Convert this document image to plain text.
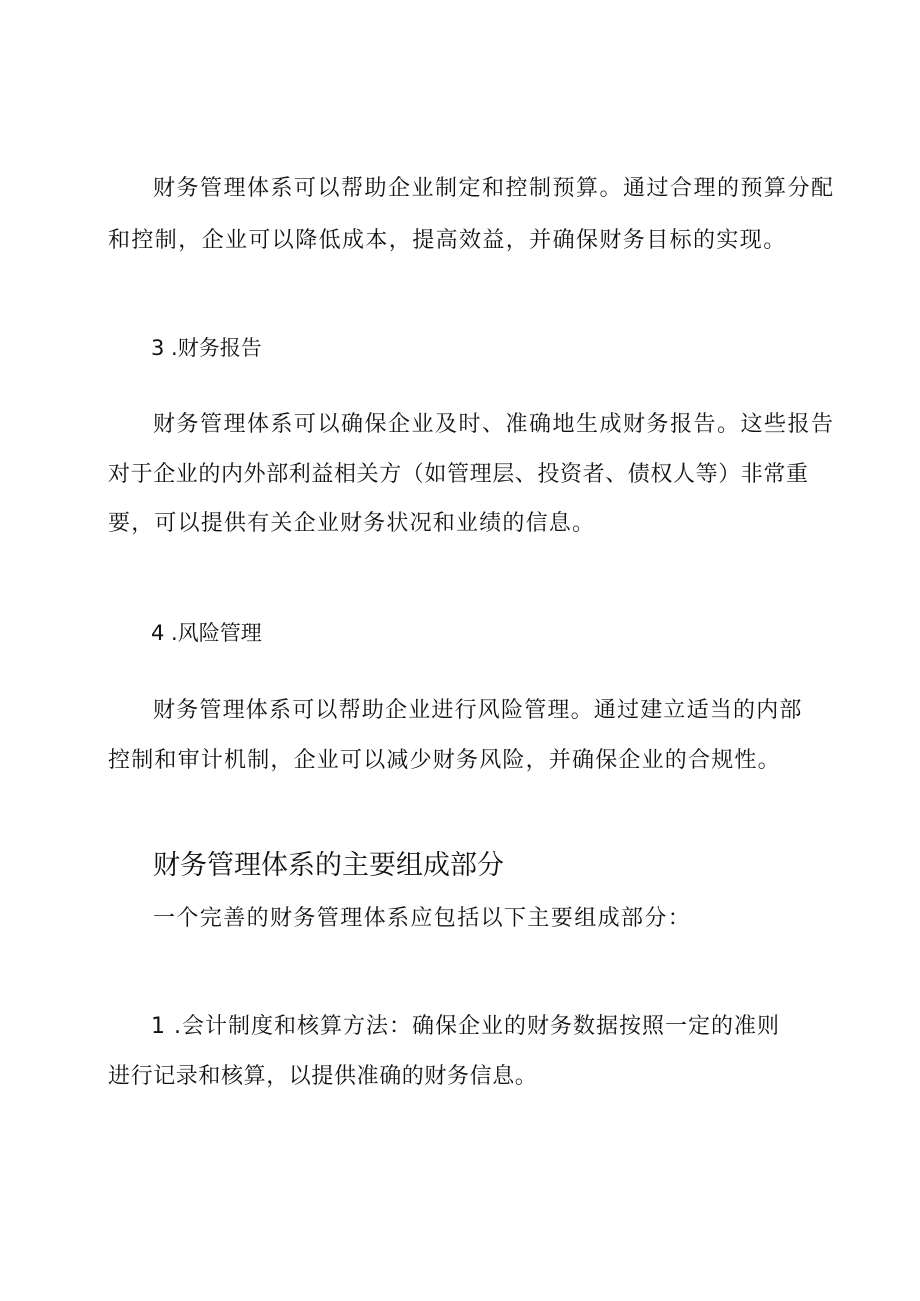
财务管理体系可以帮助企业制定和控制预算。通过合理的预算分配
和控制，企业可以降低成本，提高效益，并确保财务目标的实现。
3 .财务报告
财务管理体系可以确保企业及时、准确地生成财务报告。这些报告
对于企业的内外部利益相关方（如管理层、投资者、债权人等）非常重
要，可以提供有关企业财务状况和业绩的信息。
4 .风险管理
财务管理体系可以帮助企业进行风险管理。通过建立适当的内部
控制和审计机制，企业可以减少财务风险，并确保企业的合规性。
财务管理体系的主要组成部分
一个完善的财务管理体系应包括以下主要组成部分：
1 .会计制度和核算方法：确保企业的财务数据按照一定的准则
进行记录和核算，以提供准确的财务信息。
